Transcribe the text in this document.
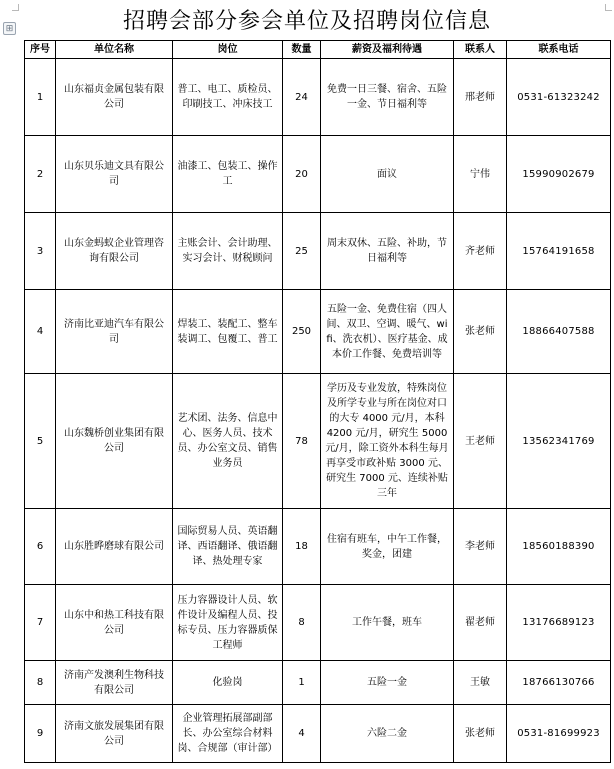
⊞	招聘会部分参会单位及招聘岗位信息
序号	单位名称	岗位	数量	薪资及福利待遇	联系人	联系电话
1	山东福贞金属包装有限公司	普工、电工、质检员、印刷技工、冲床技工	24	免费一日三餐、宿舍、五险一金、节日福利等	邢老师	0531-61323242
2	山东贝乐迪文具有限公司	油漆工、包装工、操作工	20	面议	宁伟	15990902679
3	山东金蚂蚁企业管理咨询有限公司	主账会计、会计助理、实习会计、财税顾问	25	周末双休、五险、补助，节日福利等	齐老师	15764191658
4	济南比亚迪汽车有限公司	焊装工、装配工、整车装调工、包覆工、普工	250	五险一金、免费住宿（四人间、双卫、空调、暖气、wifi、洗衣机）、医疗基金、成本价工作餐、免费培训等	张老师	18866407588
5	山东魏桥创业集团有限公司	艺术团、法务、信息中心、医务人员、技术员、办公室文员、销售业务员	78	学历及专业发放，特殊岗位及所学专业与所在岗位对口的大专 4000 元/月，本科 4200 元/月，研究生 5000 元/月，除工资外本科生每月再享受市政补贴 3000 元、研究生 7000 元、连续补贴三年	王老师	13562341769
6	山东胜晔磨球有限公司	国际贸易人员、英语翻译、西语翻译、俄语翻译、热处理专家	18	住宿有班车，中午工作餐，奖金，团建	李老师	18560188390
7	山东中和热工科技有限公司	压力容器设计人员、软件设计及编程人员、投标专员、压力容器质保工程师	8	工作午餐，班车	翟老师	13176689123
8	济南产发澳利生物科技有限公司	化验岗	1	五险一金	王敏	18766130766
9	济南文旅发展集团有限公司	企业管理拓展部副部长、办公室综合材料岗、合规部（审计部）	4	六险二金	张老师	0531-81699923
